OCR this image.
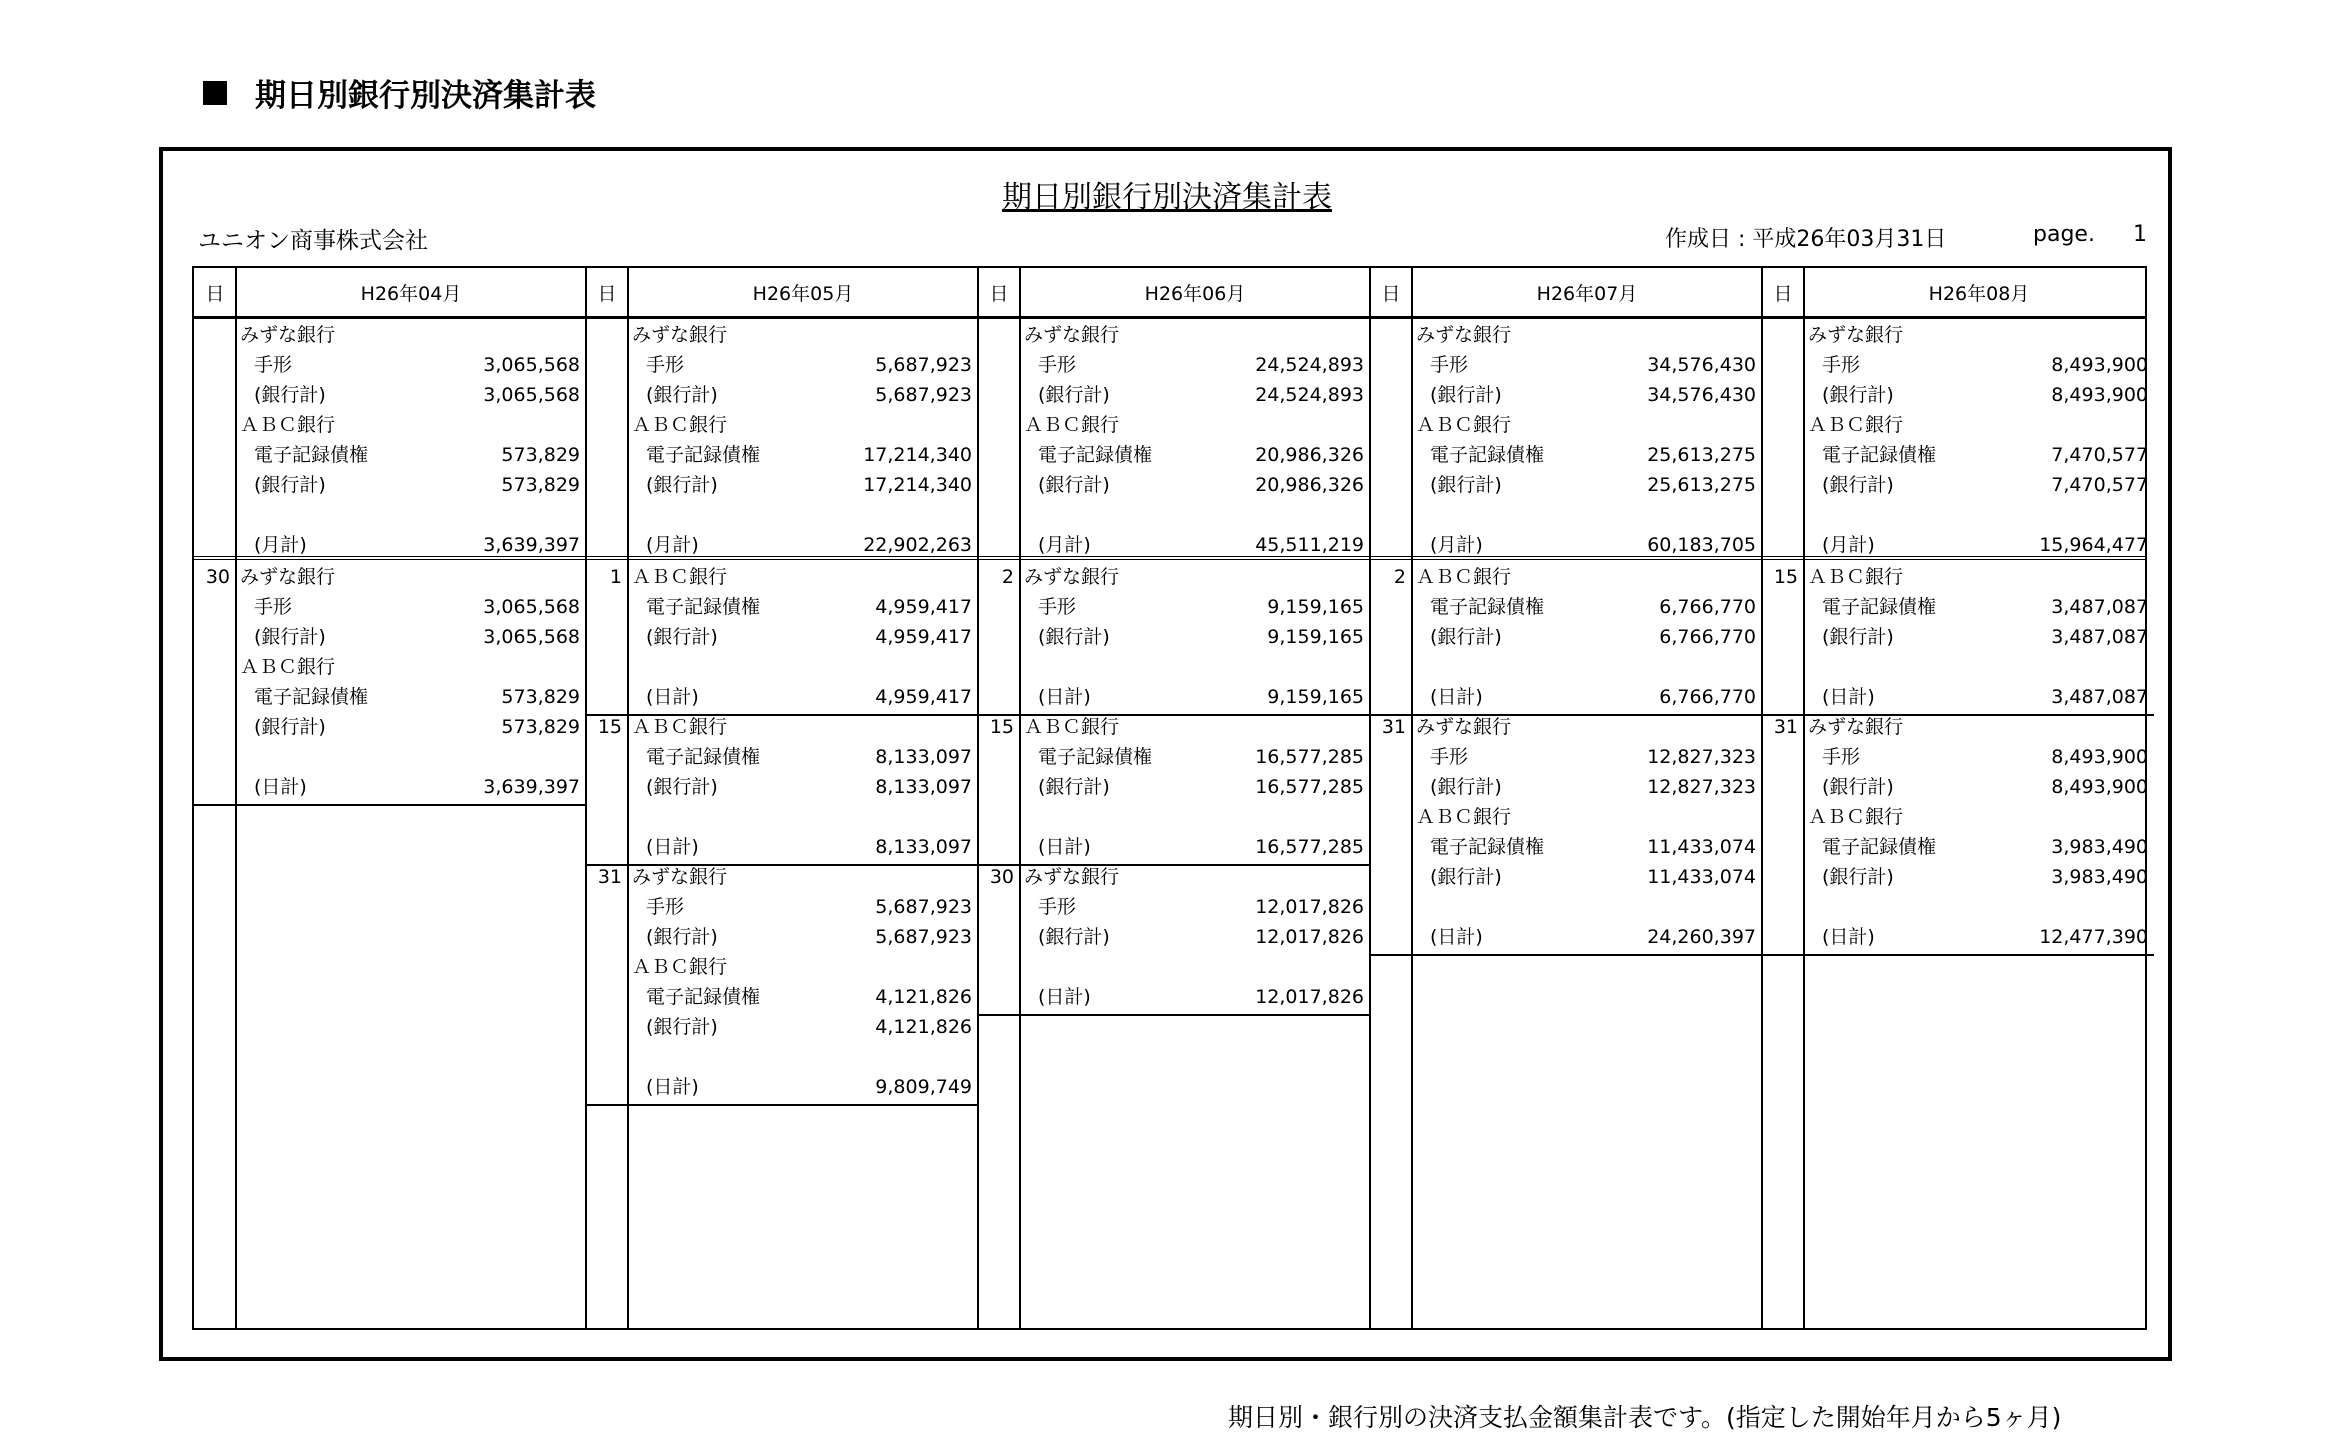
期日別銀行別決済集計表
期日別銀行別決済集計表
ユニオン商事株式会社	作成日 : 平成26年03月31日	page. 1
日	H26年04月
みずな銀行
手形	3,065,568
(銀行計)	3,065,568
ＡＢＣ銀行
電子記録債権	573,829
(銀行計)	573,829
(月計)	3,639,397
30 みずな銀行
手形	3,065,568
(銀行計)	3,065,568
ＡＢＣ銀行
電子記録債権	573,829
(銀行計)	573,829
(日計)	3,639,397
日	H26年05月
みずな銀行
手形	5,687,923
(銀行計)	5,687,923
ＡＢＣ銀行
電子記録債権	17,214,340
(銀行計)	17,214,340
(月計)	22,902,263
1 ＡＢＣ銀行
電子記録債権	4,959,417
(銀行計)	4,959,417
(日計)	4,959,417
15 ＡＢＣ銀行
電子記録債権	8,133,097
(銀行計)	8,133,097
(日計)	8,133,097
31 みずな銀行
手形	5,687,923
(銀行計)	5,687,923
ＡＢＣ銀行
電子記録債権	4,121,826
(銀行計)	4,121,826
(日計)	9,809,749
日	H26年06月
みずな銀行
手形	24,524,893
(銀行計)	24,524,893
ＡＢＣ銀行
電子記録債権	20,986,326
(銀行計)	20,986,326
(月計)	45,511,219
2 みずな銀行
手形	9,159,165
(銀行計)	9,159,165
(日計)	9,159,165
15 ＡＢＣ銀行
電子記録債権	16,577,285
(銀行計)	16,577,285
(日計)	16,577,285
30 みずな銀行
手形	12,017,826
(銀行計)	12,017,826
(日計)	12,017,826
日	H26年07月
みずな銀行
手形	34,576,430
(銀行計)	34,576,430
ＡＢＣ銀行
電子記録債権	25,613,275
(銀行計)	25,613,275
(月計)	60,183,705
2 ＡＢＣ銀行
電子記録債権	6,766,770
(銀行計)	6,766,770
(日計)	6,766,770
31 みずな銀行
手形	12,827,323
(銀行計)	12,827,323
ＡＢＣ銀行
電子記録債権	11,433,074
(銀行計)	11,433,074
(日計)	24,260,397
日	H26年08月
みずな銀行
手形	8,493,900
(銀行計)	8,493,900
ＡＢＣ銀行
電子記録債権	7,470,577
(銀行計)	7,470,577
(月計)	15,964,477
15 ＡＢＣ銀行
電子記録債権	3,487,087
(銀行計)	3,487,087
(日計)	3,487,087
31 みずな銀行
手形	8,493,900
(銀行計)	8,493,900
ＡＢＣ銀行
電子記録債権	3,983,490
(銀行計)	3,983,490
(日計)	12,477,390
期日別・銀行別の決済支払金額集計表です。(指定した開始年月から5ヶ月)
